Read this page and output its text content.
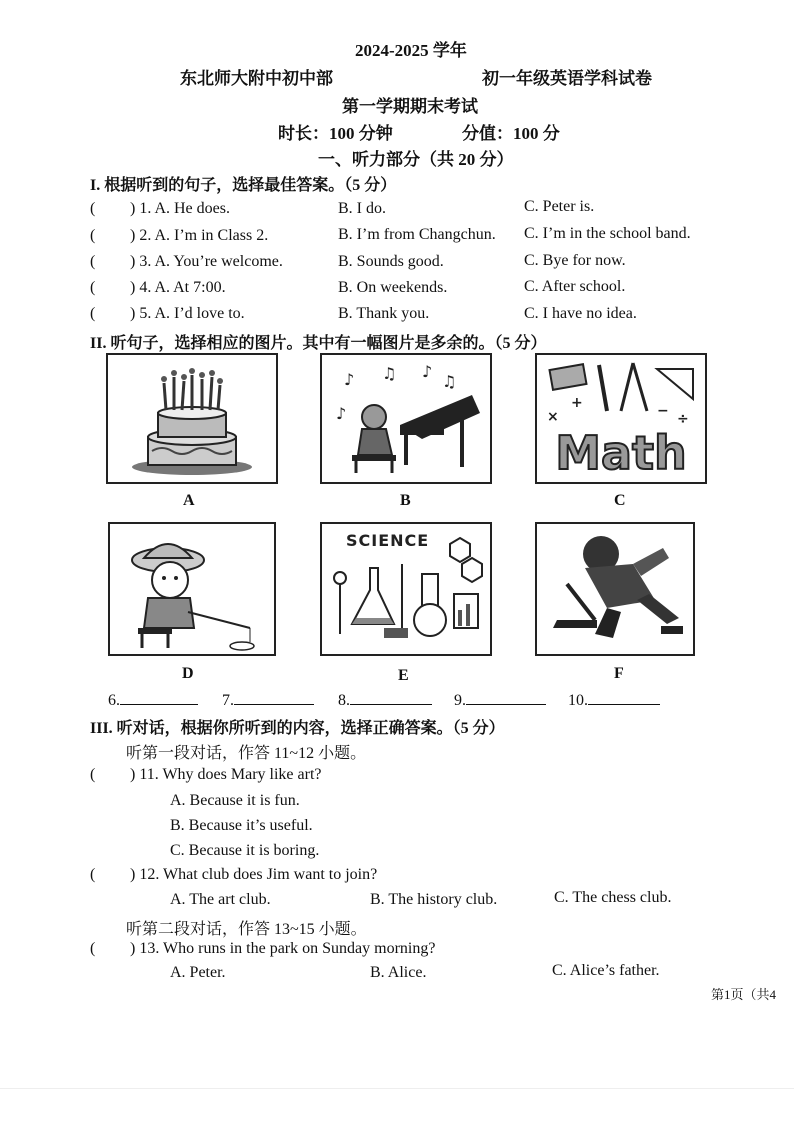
2024-2025 学年
东北师大附中初中部	初一年级英语学科试卷
第一学期期末考试
时长：100 分钟	分值：100 分
一、听力部分（共 20 分）
I. 根据听到的句子，选择最佳答案。（5 分）
( ) 1. A. He does.	B. I do.	C. Peter is.
( ) 2. A. I’m in Class 2.	B. I’m from Changchun. C. I’m in the school band.
( ) 3. A. You’re welcome.	B. Sounds good.	C. Bye for now.
( ) 4. A. At 7:00.	B. On weekends.	C. After school.
( ) 5. A. I’d love to.	B. Thank you.	C. I have no idea.
II. 听句子，选择相应的图片。其中有一幅图片是多余的。（5 分）
A
♪ ♫ ♪
♪
♫
B
+	− ÷
×
Math
C
D
SCIENCE
E	F
6.	7.	8.	9.	10.
III. 听对话，根据你所听到的内容，选择正确答案。（5 分）
听第一段对话，作答 11~12 小题。
( ) 11. Why does Mary like art?
A. Because it is fun.
B. Because it’s useful.
C. Because it is boring.
( ) 12. What club does Jim want to join?
A. The art club.	B. The history club.	C. The chess club.
听第二段对话，作答 13~15 小题。
( ) 13. Who runs in the park on Sunday morning?
A. Peter.	B. Alice.	C. Alice’s father.
第1页（共4
